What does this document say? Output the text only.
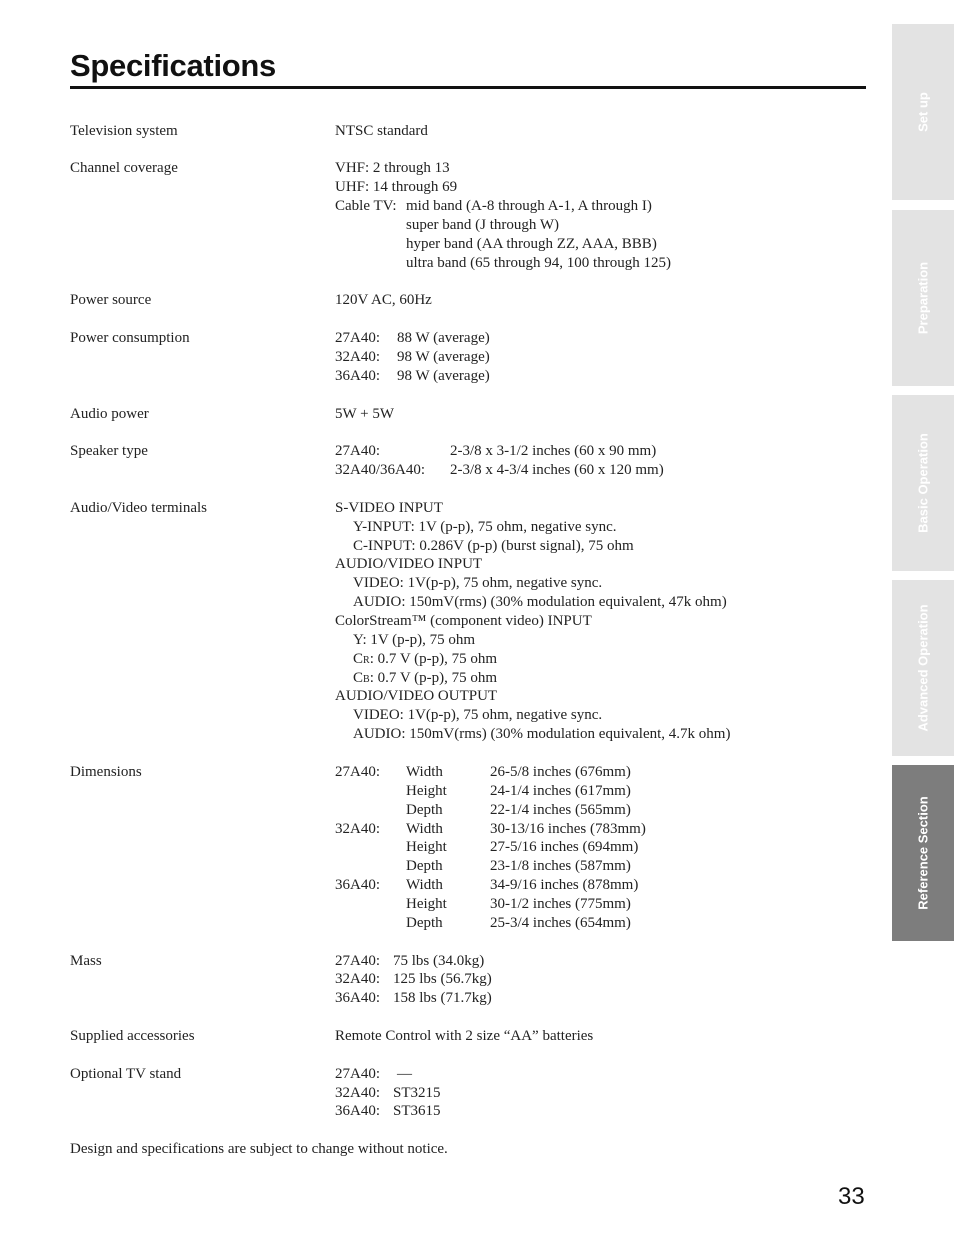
Specifications
Television system	NTSC standard
Channel coverage	VHF: 2 through 13
UHF: 14 through 69
Cable TV: mid band (A-8 through A-1, A through I)
super band (J through W)
hyper band (AA through ZZ, AAA, BBB)
ultra band (65 through 94, 100 through 125)
Power source	120V AC, 60Hz
Power consumption	27A40: 88 W (average)
32A40: 98 W (average)
36A40: 98 W (average)
Audio power	5W + 5W
Speaker type	27A40:	2-3/8 x 3-1/2 inches (60 x 90 mm)
32A40/36A40: 2-3/8 x 4-3/4 inches (60 x 120 mm)
Audio/Video terminals	S-VIDEO INPUT
Y-INPUT: 1V (p-p), 75 ohm, negative sync.
C-INPUT: 0.286V (p-p) (burst signal), 75 ohm
AUDIO/VIDEO INPUT
VIDEO: 1V(p-p), 75 ohm, negative sync.
AUDIO: 150mV(rms) (30% modulation equivalent, 47k ohm)
ColorStream™ (component video) INPUT
Y: 1V (p-p), 75 ohm
CR: 0.7 V (p-p), 75 ohm
CB: 0.7 V (p-p), 75 ohm
AUDIO/VIDEO OUTPUT
VIDEO: 1V(p-p), 75 ohm, negative sync.
AUDIO: 150mV(rms) (30% modulation equivalent, 4.7k ohm)
Dimensions	27A40: Width	26-5/8 inches (676mm)
Height	24-1/4 inches (617mm)
Depth	22-1/4 inches (565mm)
32A40: Width	30-13/16 inches (783mm)
Height	27-5/16 inches (694mm)
Depth	23-1/8 inches (587mm)
36A40: Width	34-9/16 inches (878mm)
Height	30-1/2 inches (775mm)
Depth	25-3/4 inches (654mm)
Mass	27A40: 75 lbs (34.0kg)
32A40: 125 lbs (56.7kg)
36A40: 158 lbs (71.7kg)
Supplied accessories	Remote Control with 2 size “AA” batteries
Optional TV stand	27A40: —
32A40: ST3215
36A40: ST3615
Design and specifications are subject to change without notice.
Set up
Preparation
Basic Operation
Advanced Operation
Reference Section
33
